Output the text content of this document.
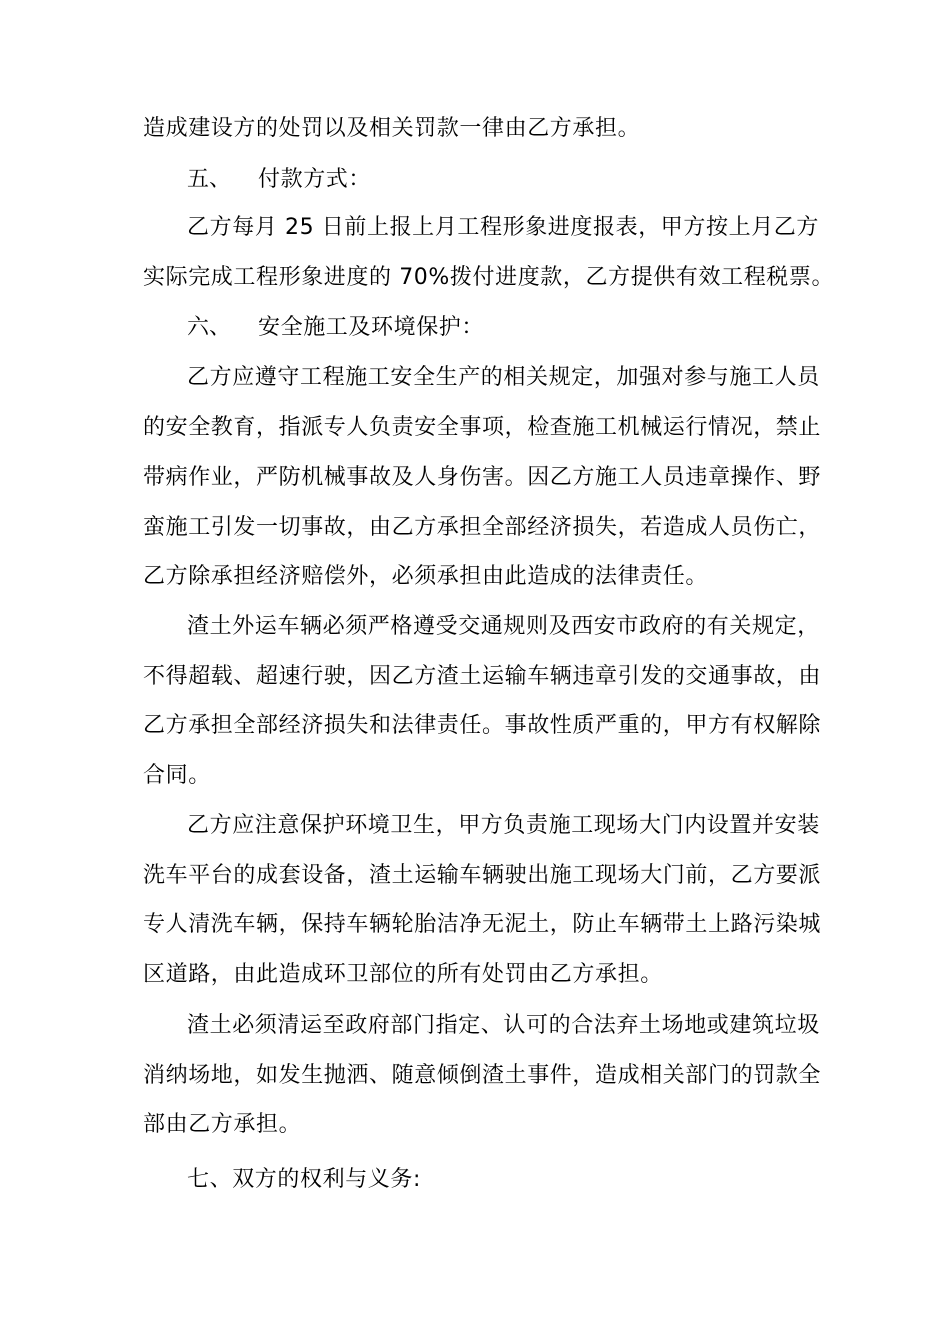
造成建设方的处罚以及相关罚款一律由乙方承担。
五、 付款方式：
乙方每月 25 日前上报上月工程形象进度报表，甲方按上月乙方
实际完成工程形象进度的 70%拨付进度款，乙方提供有效工程税票。
六、 安全施工及环境保护：
乙方应遵守工程施工安全生产的相关规定，加强对参与施工人员
的安全教育，指派专人负责安全事项，检查施工机械运行情况，禁止
带病作业，严防机械事故及人身伤害。因乙方施工人员违章操作、野
蛮施工引发一切事故，由乙方承担全部经济损失，若造成人员伤亡，
乙方除承担经济赔偿外，必须承担由此造成的法律责任。
渣土外运车辆必须严格遵受交通规则及西安市政府的有关规定，
不得超载、超速行驶，因乙方渣土运输车辆违章引发的交通事故，由
乙方承担全部经济损失和法律责任。事故性质严重的，甲方有权解除
合同。
乙方应注意保护环境卫生，甲方负责施工现场大门内设置并安装
洗车平台的成套设备，渣土运输车辆驶出施工现场大门前，乙方要派
专人清洗车辆，保持车辆轮胎洁净无泥土，防止车辆带土上路污染城
区道路，由此造成环卫部位的所有处罚由乙方承担。
渣土必须清运至政府部门指定、认可的合法弃土场地或建筑垃圾
消纳场地，如发生抛洒、随意倾倒渣土事件，造成相关部门的罚款全
部由乙方承担。
七、双方的权利与义务:
